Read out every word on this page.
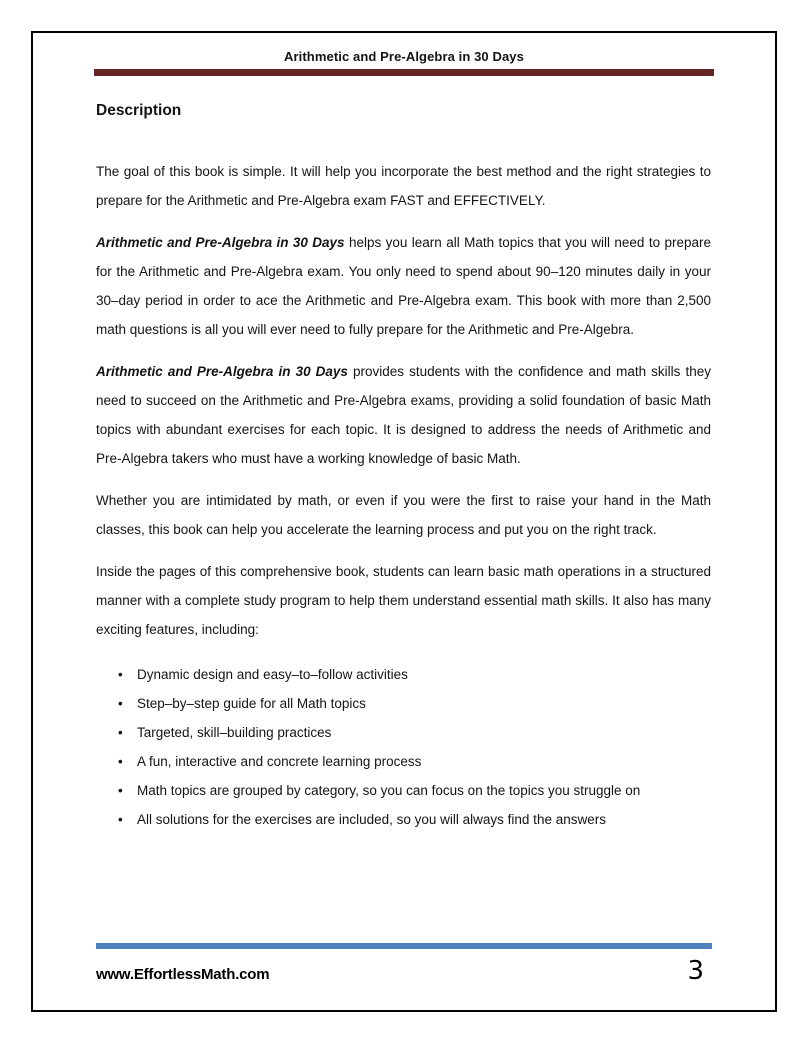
Arithmetic and Pre-Algebra in 30 Days
Description

The goal of this book is simple. It will help you incorporate the best method and the right strategies to prepare for the Arithmetic and Pre-Algebra exam FAST and EFFECTIVELY.

Arithmetic and Pre-Algebra in 30 Days helps you learn all Math topics that you will need to prepare for the Arithmetic and Pre-Algebra exam. You only need to spend about 90–120 minutes daily in your 30–day period in order to ace the Arithmetic and Pre-Algebra exam. This book with more than 2,500 math questions is all you will ever need to fully prepare for the Arithmetic and Pre-Algebra.

Arithmetic and Pre-Algebra in 30 Days provides students with the confidence and math skills they need to succeed on the Arithmetic and Pre-Algebra exams, providing a solid foundation of basic Math topics with abundant exercises for each topic. It is designed to address the needs of Arithmetic and Pre-Algebra takers who must have a working knowledge of basic Math.

Whether you are intimidated by math, or even if you were the first to raise your hand in the Math classes, this book can help you accelerate the learning process and put you on the right track.

Inside the pages of this comprehensive book, students can learn basic math operations in a structured manner with a complete study program to help them understand essential math skills. It also has many exciting features, including:

• Dynamic design and easy–to–follow activities
• Step–by–step guide for all Math topics
• Targeted, skill–building practices
• A fun, interactive and concrete learning process
• Math topics are grouped by category, so you can focus on the topics you struggle on
• All solutions for the exercises are included, so you will always find the answers
www.EffortlessMath.com	3
